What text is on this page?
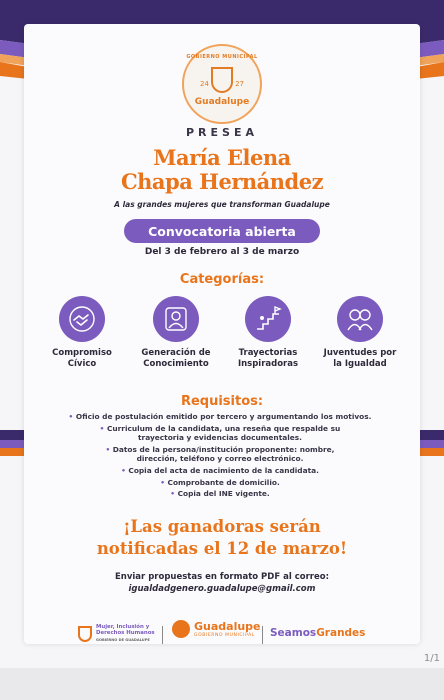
GOBIERNO MUNICIPAL
24	27
Guadalupe
PRESEA
María Elena
Chapa Hernández
A las grandes mujeres que transforman Guadalupe
Convocatoria abierta
Del 3 de febrero al 3 de marzo
Categorías:
Compromiso
Cívico
Generación de
Conocimiento
Trayectorias
Inspiradoras
Juventudes por
la Igualdad
Requisitos:
• Oficio de postulación emitido por tercero y argumentando los motivos.
• Curriculum de la candidata, una reseña que respalde su
trayectoria y evidencias documentales.
• Datos de la persona/institución proponente: nombre,
dirección, teléfono y correo electrónico.
• Copia del acta de nacimiento de la candidata.
• Comprobante de domicilio.
• Copia del INE vigente.
¡Las ganadoras serán
notificadas el 12 de marzo!
Enviar propuestas en formato PDF al correo:
igualdadgenero.guadalupe@gmail.com
Mujer, Inclusión y
Derechos Humanos
GOBIERNO DE GUADALUPE
Guadalupe
GOBIERNO MUNICIPAL	SeamosGrandes
1/1
